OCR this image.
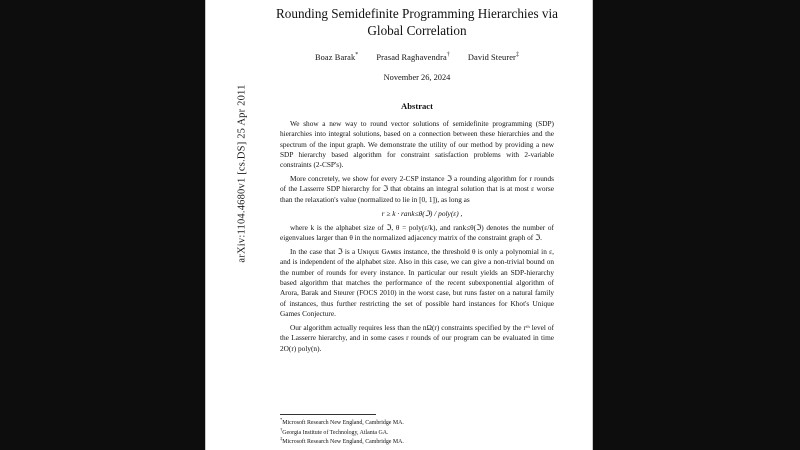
arXiv:1104.4680v1 [cs.DS] 25 Apr 2011
Rounding Semidefinite Programming Hierarchies via Global Correlation
Boaz Barak* Prasad Raghavendra† David Steurer‡
November 26, 2024
Abstract

We show a new way to round vector solutions of semidefinite programming (SDP) hierarchies into integral solutions, based on a connection between these hierarchies and the spectrum of the input graph. We demonstrate the utility of our method by providing a new SDP hierarchy based algorithm for constraint satisfaction problems with 2-variable constraints (2-CSP's).

More concretely, we show for every 2-CSP instance ℑ a rounding algorithm for r rounds of the Lasserre SDP hierarchy for ℑ that obtains an integral solution that is at most ε worse than the relaxation's value (normalized to lie in [0, 1]), as long as

r ≥ k · rank≤θ(ℑ) / poly(ε) ,

where k is the alphabet size of ℑ, θ = poly(ε/k), and rank≤θ(ℑ) denotes the number of eigenvalues larger than θ in the normalized adjacency matrix of the constraint graph of ℑ.

In the case that ℑ is a Uɴɪǫᴜᴇ Gᴀᴍᴇs instance, the threshold θ is only a polynomial in ε, and is independent of the alphabet size. Also in this case, we can give a non-trivial bound on the number of rounds for every instance. In particular our result yields an SDP-hierarchy based algorithm that matches the performance of the recent subexponential algorithm of Arora, Barak and Steurer (FOCS 2010) in the worst case, but runs faster on a natural family of instances, thus further restricting the set of possible hard instances for Khot's Unique Games Conjecture.

Our algorithm actually requires less than the nΩ(r) constraints specified by the rᵗʰ level of the Lasserre hierarchy, and in some cases r rounds of our program can be evaluated in time 2O(r) poly(n).

*Microsoft Research New England, Cambridge MA.
†Georgia Institute of Technology, Atlanta GA.
‡Microsoft Research New England, Cambridge MA.
